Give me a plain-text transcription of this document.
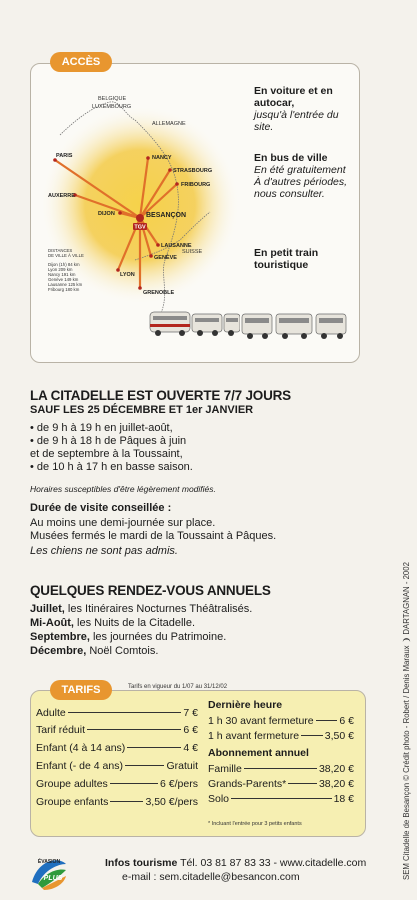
ACCÈS
TGV
BELGIQUE
LUXEMBOURG
ALLEMAGNE
SUISSE
PARIS	NANCY
STRASBOURG
FRIBOURG
AUXERRE
DIJON	BESANÇON
LAUSANNE
GENÈVE
LYON
GRENOBLE
DISTANCES
DE VILLE À VILLE
Dijon (1h) 84 km
Lyon 209 km
Nancy 191 km
Genève 149 km
Lausanne 125 km
Fribourg 180 km
En voiture et en autocar,
jusqu'à l'entrée du site.
En bus de ville
En été gratuitement À d'autres périodes, nous consulter.
En petit train touristique
LA CITADELLE EST OUVERTE 7/7 JOURS
SAUF LES 25 DÉCEMBRE ET 1er JANVIER
• de 9 h à 19 h en juillet-août,
• de 9 h à 18 h de Pâques à juin
et de septembre à la Toussaint,
• de 10 h à 17 h en basse saison.
Horaires susceptibles d'être légèrement modifiés.
Durée de visite conseillée :
Au moins une demi-journée sur place.
Musées fermés le mardi de la Toussaint à Pâques.
Les chiens ne sont pas admis.
QUELQUES RENDEZ-VOUS ANNUELS
Juillet, les Itinéraires Nocturnes Théâtralisés.
Mi-Août, les Nuits de la Citadelle.
Septembre, les journées du Patrimoine.
Décembre, Noël Comtois.
TARIFS	Tarifs en vigueur du 1/07 au 31/12/02
Adulte	7 €
Tarif réduit	6 €
Enfant (4 à 14 ans)	4 €
Enfant (- de 4 ans)	Gratuit
Groupe adultes	6 €/pers
Groupe enfants	3,50 €/pers
Dernière heure
1 h 30 avant fermeture 6 €
1 h avant fermeture 3,50 €
Abonnement annuel
Famille	38,20 €
Grands-Parents*	38,20 €
Solo	18 €
* Incluant l'entrée pour 3 petits enfants
ÉVASION
PLUS
Infos tourisme Tél. 03 81 87 83 33 - www.citadelle.com
e-mail : sem.citadelle@besancon.com	SEM Citadelle de Besançon © Crédit photo - Robert / Denis Maraux ❩ DARTAGNAN - 2002
